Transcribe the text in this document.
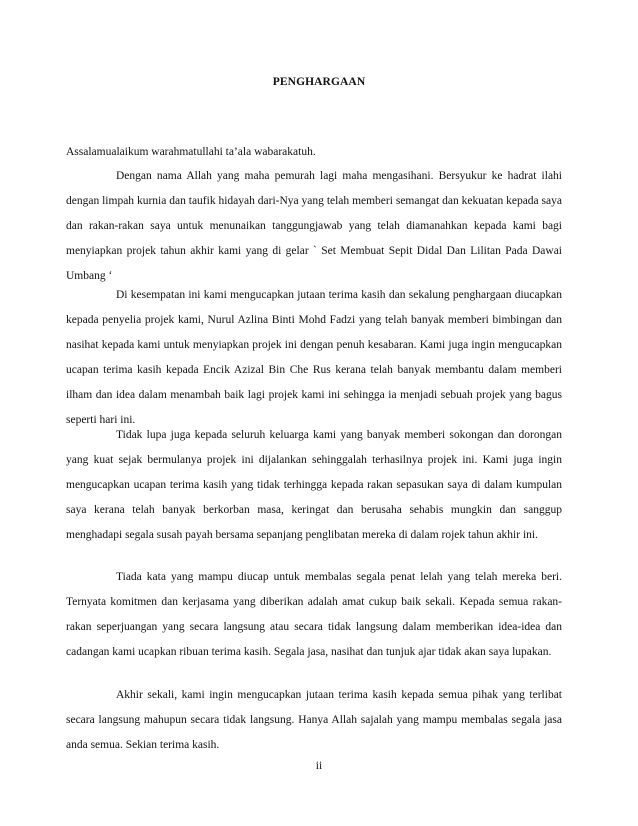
PENGHARGAAN
Assalamualaikum warahmatullahi ta’ala wabarakatuh.

Dengan nama Allah yang maha pemurah lagi maha mengasihani. Bersyukur ke hadrat ilahi dengan limpah kurnia dan taufik hidayah dari-Nya yang telah memberi semangat dan kekuatan kepada saya dan rakan-rakan saya untuk menunaikan tanggungjawab yang telah diamanahkan kepada kami bagi menyiapkan projek tahun akhir kami yang di gelar ` Set Membuat Sepit Didal Dan Lilitan Pada Dawai Umbang ‘

Di kesempatan ini kami mengucapkan jutaan terima kasih dan sekalung penghargaan diucapkan kepada penyelia projek kami, Nurul Azlina Binti Mohd Fadzi yang telah banyak memberi bimbingan dan nasihat kepada kami untuk menyiapkan projek ini dengan penuh kesabaran. Kami juga ingin mengucapkan ucapan terima kasih kepada Encik Azizal Bin Che Rus kerana telah banyak membantu dalam memberi ilham dan idea dalam menambah baik lagi projek kami ini sehingga ia menjadi sebuah projek yang bagus seperti hari ini.

Tidak lupa juga kepada seluruh keluarga kami yang banyak memberi sokongan dan dorongan yang kuat sejak bermulanya projek ini dijalankan sehinggalah terhasilnya projek ini. Kami juga ingin mengucapkan ucapan terima kasih yang tidak terhingga kepada rakan sepasukan saya di dalam kumpulan saya kerana telah banyak berkorban masa, keringat dan berusaha sehabis mungkin dan sanggup menghadapi segala susah payah bersama sepanjang penglibatan mereka di dalam rojek tahun akhir ini.

Tiada kata yang mampu diucap untuk membalas segala penat lelah yang telah mereka beri. Ternyata komitmen dan kerjasama yang diberikan adalah amat cukup baik sekali. Kepada semua rakan-rakan seperjuangan yang secara langsung atau secara tidak langsung dalam memberikan idea-idea dan cadangan kami ucapkan ribuan terima kasih. Segala jasa, nasihat dan tunjuk ajar tidak akan saya lupakan.

Akhir sekali, kami ingin mengucapkan jutaan terima kasih kepada semua pihak yang terlibat secara langsung mahupun secara tidak langsung. Hanya Allah sajalah yang mampu membalas segala jasa anda semua. Sekian terima kasih.

ii
